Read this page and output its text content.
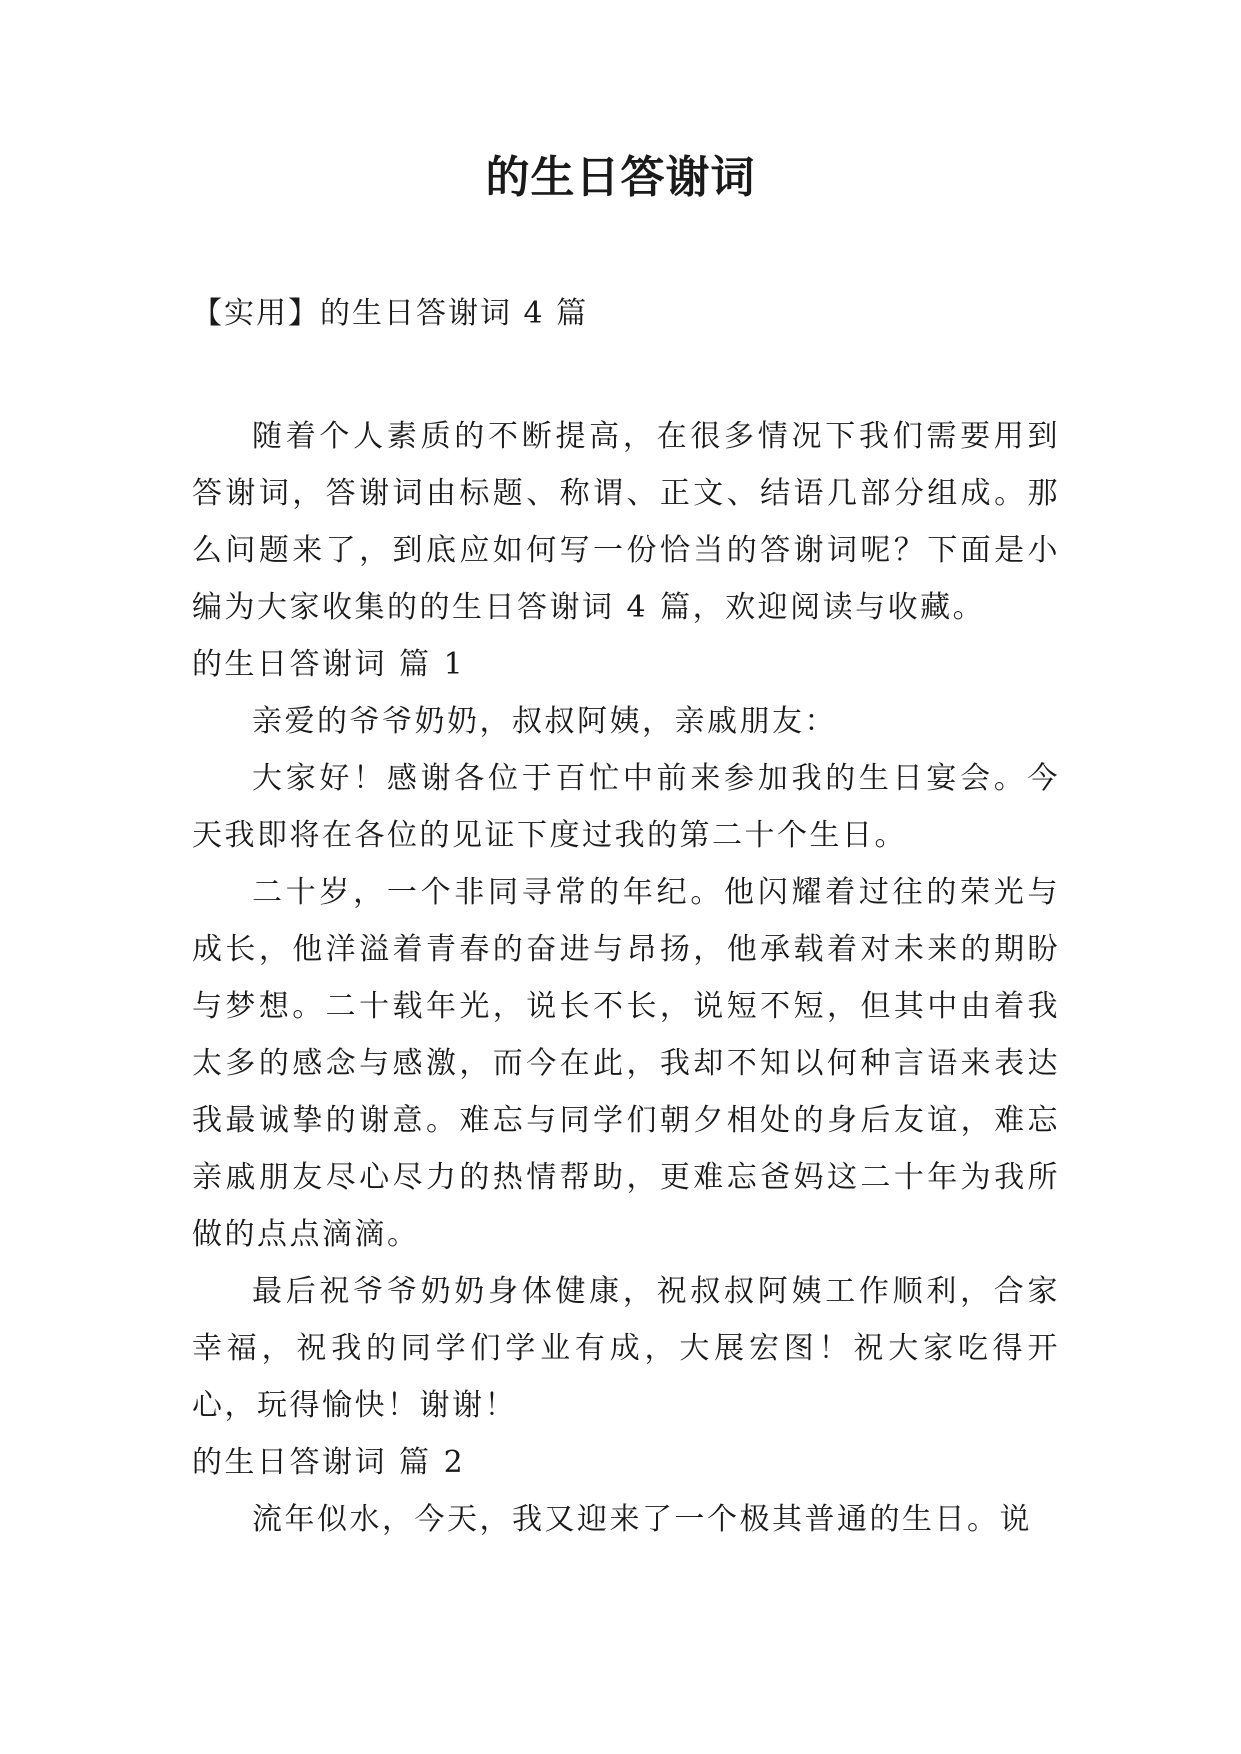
的生日答谢词
【实用】的生日答谢词 4 篇

随着个人素质的不断提高，在很多情况下我们需要用到答谢词，答谢词由标题、称谓、正文、结语几部分组成。那么问题来了，到底应如何写一份恰当的答谢词呢？下面是小编为大家收集的的生日答谢词 4 篇，欢迎阅读与收藏。

的生日答谢词 篇 1

亲爱的爷爷奶奶，叔叔阿姨，亲戚朋友：

大家好！感谢各位于百忙中前来参加我的生日宴会。今天我即将在各位的见证下度过我的第二十个生日。

二十岁，一个非同寻常的年纪。他闪耀着过往的荣光与成长，他洋溢着青春的奋进与昂扬，他承载着对未来的期盼与梦想。二十载年光，说长不长，说短不短，但其中由着我太多的感念与感激，而今在此，我却不知以何种言语来表达我最诚挚的谢意。难忘与同学们朝夕相处的身后友谊，难忘亲戚朋友尽心尽力的热情帮助，更难忘爸妈这二十年为我所做的点点滴滴。

最后祝爷爷奶奶身体健康，祝叔叔阿姨工作顺利，合家幸福，祝我的同学们学业有成，大展宏图！祝大家吃得开心，玩得愉快！谢谢！

的生日答谢词 篇 2

流年似水，今天，我又迎来了一个极其普通的生日。说
